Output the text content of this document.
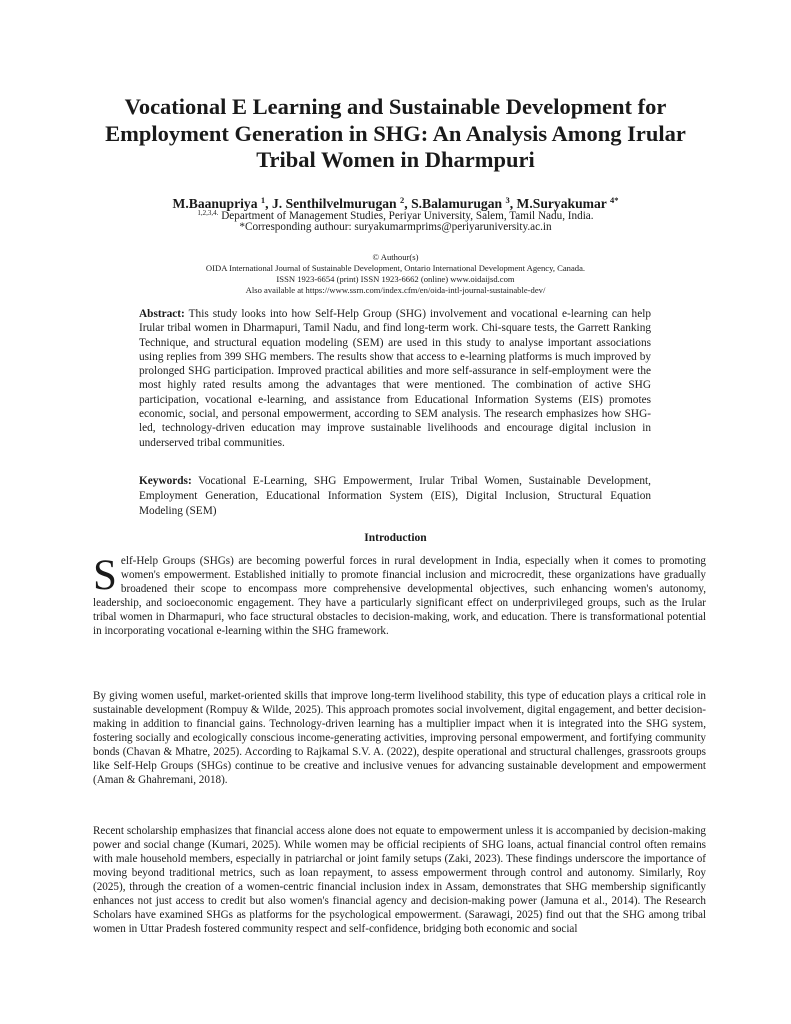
Vocational E Learning and Sustainable Development for Employment Generation in SHG: An Analysis Among Irular Tribal Women in Dharmpuri
M.Baanupriya $^1$, J. Senthilvelmurugan $^2$, S.Balamurugan $^3$, M.Suryakumar $^{4*}$
$^{1,2,3,4.}$ Department of Management Studies, Periyar University, Salem, Tamil Nadu, India.
*Corresponding authour: suryakumarmprims@periyaruniversity.ac.in
© Authour(s)
OIDA International Journal of Sustainable Development, Ontario International Development Agency, Canada.
ISSN 1923-6654 (print) ISSN 1923-6662 (online) www.oidaijsd.com
Also available at https://www.ssrn.com/index.cfm/en/oida-intl-journal-sustainable-dev/
Abstract: This study looks into how Self-Help Group (SHG) involvement and vocational e-learning can help Irular tribal women in Dharmapuri, Tamil Nadu, and find long-term work. Chi-square tests, the Garrett Ranking Technique, and structural equation modeling (SEM) are used in this study to analyse important associations using replies from 399 SHG members. The results show that access to e-learning platforms is much improved by prolonged SHG participation. Improved practical abilities and more self-assurance in self-employment were the most highly rated results among the advantages that were mentioned. The combination of active SHG participation, vocational e-learning, and assistance from Educational Information Systems (EIS) promotes economic, social, and personal empowerment, according to SEM analysis. The research emphasizes how SHG-led, technology-driven education may improve sustainable livelihoods and encourage digital inclusion in underserved tribal communities.
Keywords: Vocational E-Learning, SHG Empowerment, Irular Tribal Women, Sustainable Development, Employment Generation, Educational Information System (EIS), Digital Inclusion, Structural Equation Modeling (SEM)
Introduction
Self-Help Groups (SHGs) are becoming powerful forces in rural development in India, especially when it comes to promoting women's empowerment. Established initially to promote financial inclusion and microcredit, these organizations have gradually broadened their scope to encompass more comprehensive developmental objectives, such enhancing women's autonomy, leadership, and socioeconomic engagement. They have a particularly significant effect on underprivileged groups, such as the Irular tribal women in Dharmapuri, who face structural obstacles to decision-making, work, and education. There is transformational potential in incorporating vocational e-learning within the SHG framework.
By giving women useful, market-oriented skills that improve long-term livelihood stability, this type of education plays a critical role in sustainable development (Rompuy & Wilde, 2025). This approach promotes social involvement, digital engagement, and better decision-making in addition to financial gains. Technology-driven learning has a multiplier impact when it is integrated into the SHG system, fostering socially and ecologically conscious income-generating activities, improving personal empowerment, and fortifying community bonds (Chavan & Mhatre, 2025). According to Rajkamal S.V. A. (2022), despite operational and structural challenges, grassroots groups like Self-Help Groups (SHGs) continue to be creative and inclusive venues for advancing sustainable development and empowerment (Aman & Ghahremani, 2018).
Recent scholarship emphasizes that financial access alone does not equate to empowerment unless it is accompanied by decision-making power and social change (Kumari, 2025). While women may be official recipients of SHG loans, actual financial control often remains with male household members, especially in patriarchal or joint family setups (Zaki, 2023). These findings underscore the importance of moving beyond traditional metrics, such as loan repayment, to assess empowerment through control and autonomy. Similarly, Roy (2025), through the creation of a women-centric financial inclusion index in Assam, demonstrates that SHG membership significantly enhances not just access to credit but also women's financial agency and decision-making power (Jamuna et al., 2014). The Research Scholars have examined SHGs as platforms for the psychological empowerment. (Sarawagi, 2025) find out that the SHG among tribal women in Uttar Pradesh fostered community respect and self-confidence, bridging both economic and social
